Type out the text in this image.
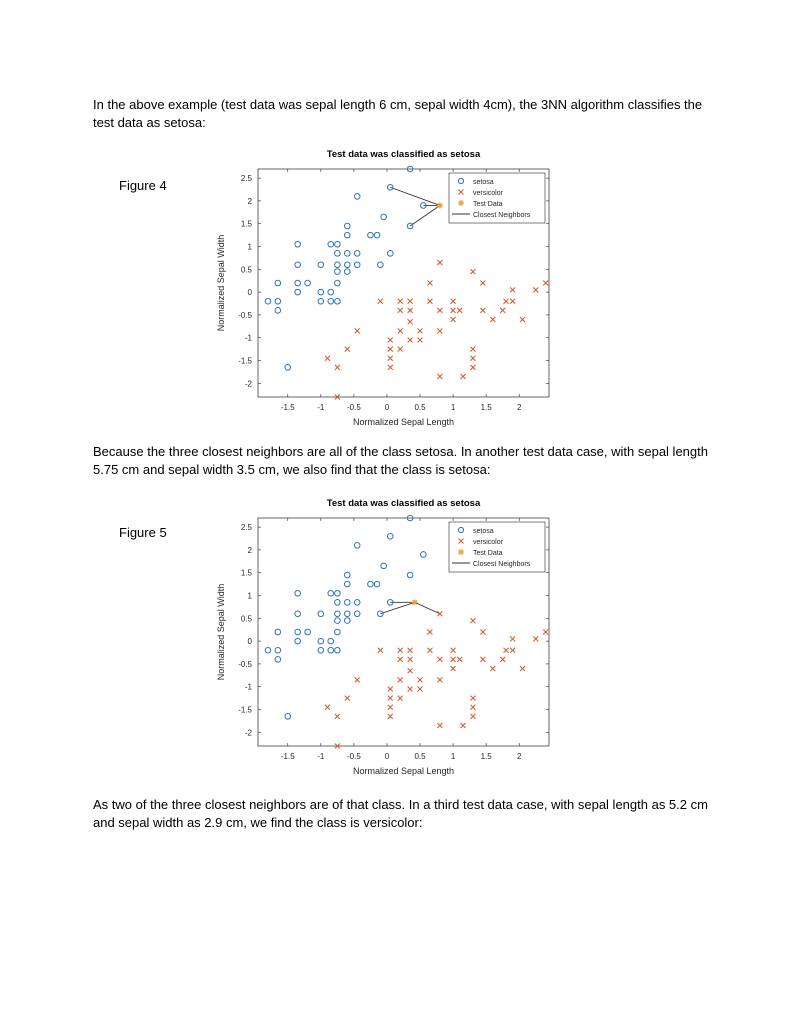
In the above example (test data was sepal length 6 cm, sepal width 4cm), the 3NN algorithm classifies the test data as setosa:

Figure 4
Test data was classified as setosa
-1.5	-1	-0.5	0	0.5	1	1.5	2
2.5
2
1.5
1
0.5
0
-0.5
-1
-1.5
-2
Normalized Sepal Length
Normalized Sepal Width
setosa
versicolor
Test Data
Closest Neighbors

Because the three closest neighbors are all of the class setosa. In another test data case, with sepal length 5.75 cm and sepal width 3.5 cm, we also find that the class is setosa:

Figure 5
Test data was classified as setosa
-1.5	-1	-0.5	0	0.5	1	1.5	2
2.5
2
1.5
1
0.5
0
-0.5
-1
-1.5
-2
Normalized Sepal Length
Normalized Sepal Width
setosa
versicolor
Test Data
Closest Neighbors

As two of the three closest neighbors are of that class. In a third test data case, with sepal length as 5.2 cm and sepal width as 2.9 cm, we find the class is versicolor:
